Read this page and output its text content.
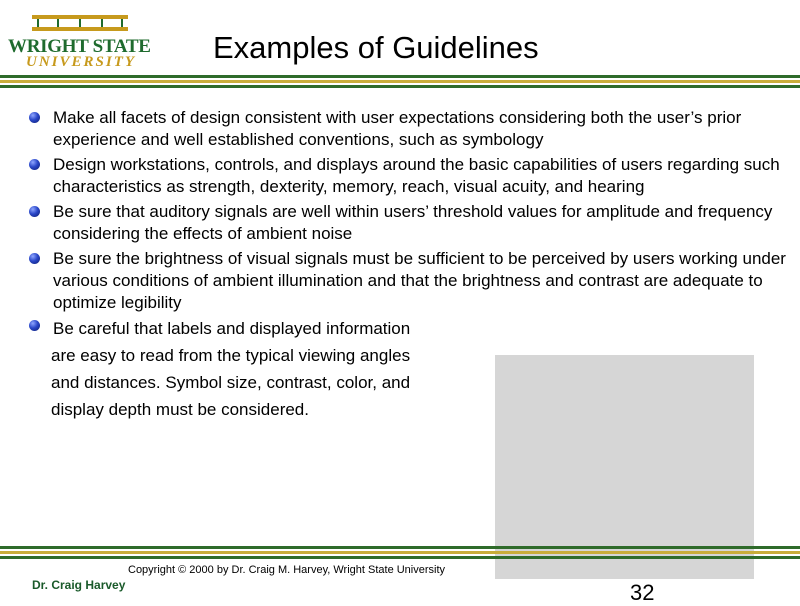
WRIGHT STATE
UNIVERSITY	Examples of Guidelines
Make all facets of design consistent with user expectations considering both the user’s prior experience and well established conventions, such as symbology
Design workstations, controls, and displays around the basic capabilities of users regarding such characteristics as strength, dexterity, memory, reach, visual acuity, and hearing
Be sure that auditory signals are well within users’ threshold values for amplitude and frequency considering the effects of ambient noise
Be sure the brightness of visual signals must be sufficient to be perceived by users working under various conditions of ambient illumination and that the brightness and contrast are adequate to optimize legibility
Be careful that labels and displayed information
are easy to read from the typical viewing angles
and distances. Symbol size, contrast, color, and
display depth must be considered.
Copyright © 2000 by Dr. Craig M. Harvey, Wright State University
Dr. Craig Harvey	32
